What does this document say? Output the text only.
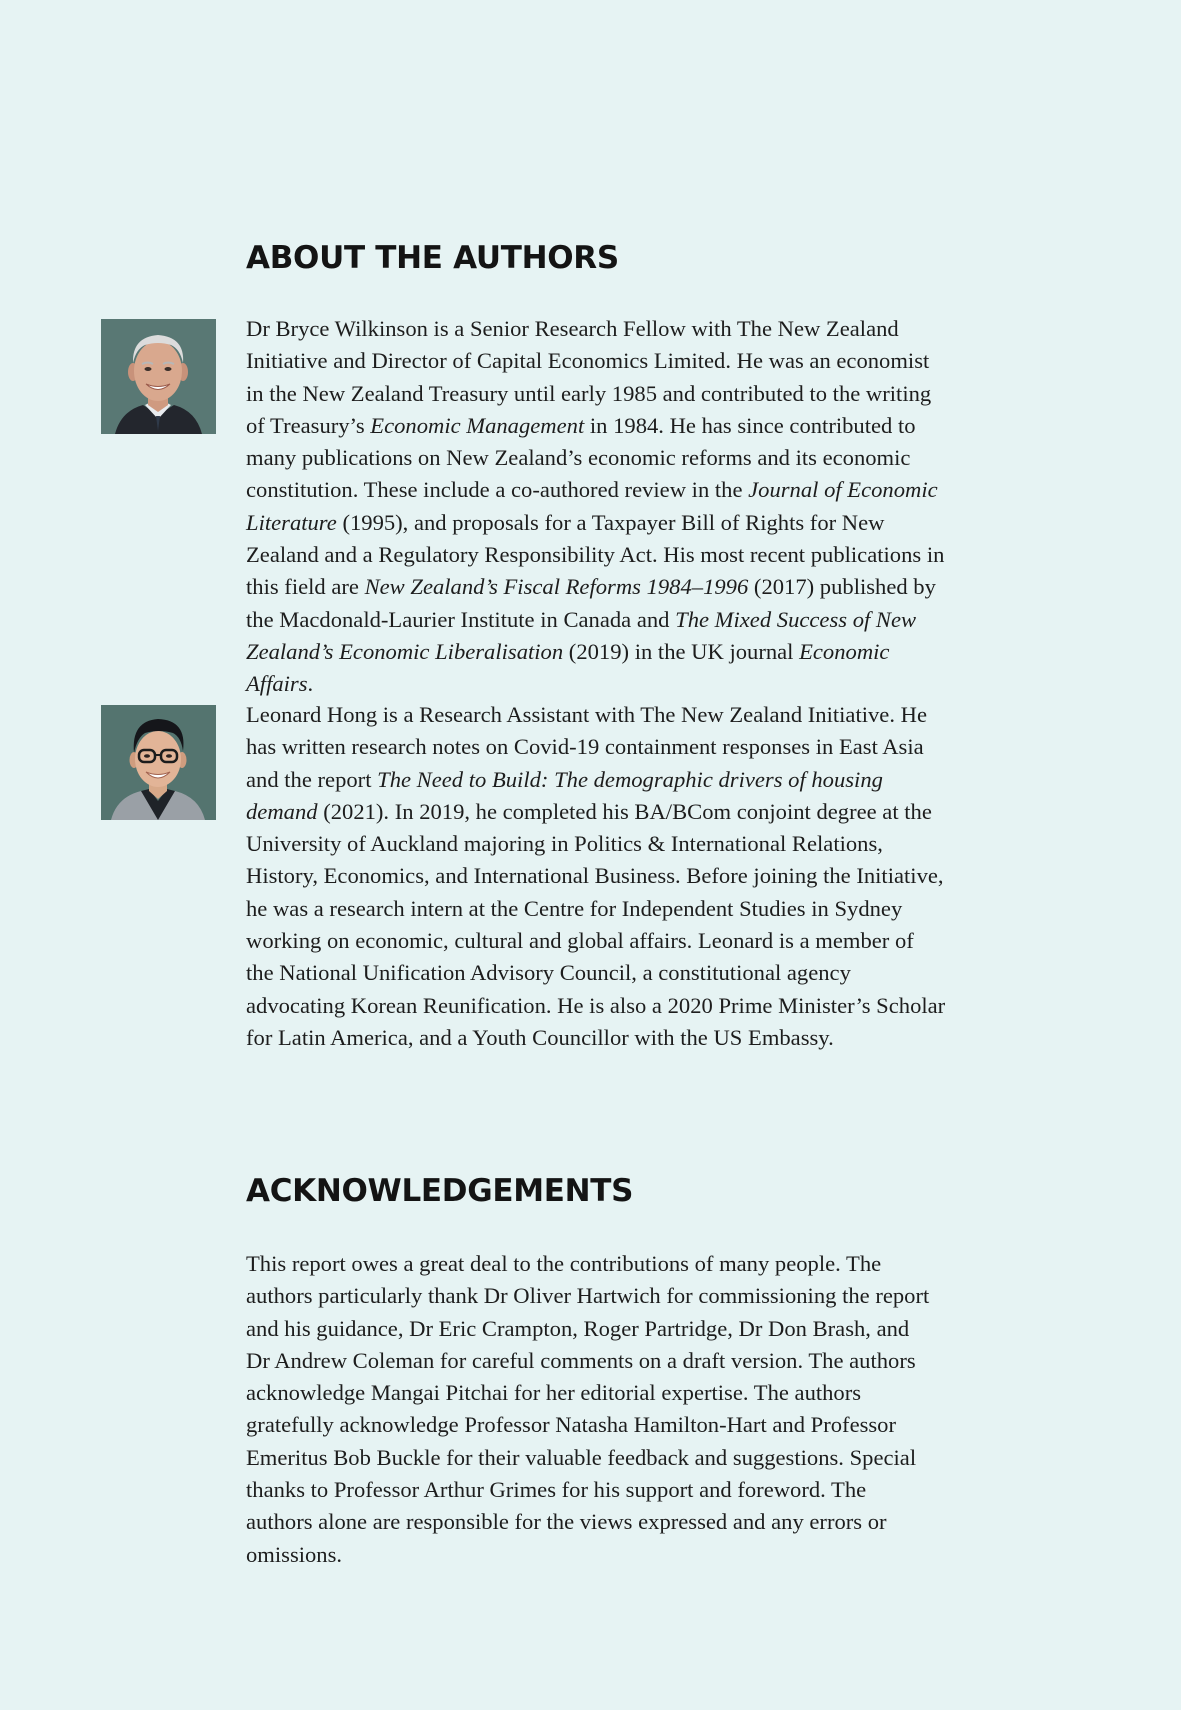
ABOUT THE AUTHORS

Dr Bryce Wilkinson is a Senior Research Fellow with The New Zealand Initiative and Director of Capital Economics Limited. He was an economist in the New Zealand Treasury until early 1985 and contributed to the writing of Treasury’s Economic Management in 1984. He has since contributed to many publications on New Zealand’s economic reforms and its economic constitution. These include a co-authored review in the Journal of Economic Literature (1995), and proposals for a Taxpayer Bill of Rights for New Zealand and a Regulatory Responsibility Act. His most recent publications in this field are New Zealand’s Fiscal Reforms 1984–1996 (2017) published by the Macdonald-Laurier Institute in Canada and The Mixed Success of New Zealand’s Economic Liberalisation (2019) in the UK journal Economic Affairs.

Leonard Hong is a Research Assistant with The New Zealand Initiative. He has written research notes on Covid-19 containment responses in East Asia and the report The Need to Build: The demographic drivers of housing demand (2021). In 2019, he completed his BA/BCom conjoint degree at the University of Auckland majoring in Politics & International Relations, History, Economics, and International Business. Before joining the Initiative, he was a research intern at the Centre for Independent Studies in Sydney working on economic, cultural and global affairs. Leonard is a member of the National Unification Advisory Council, a constitutional agency advocating Korean Reunification. He is also a 2020 Prime Minister’s Scholar for Latin America, and a Youth Councillor with the US Embassy.

ACKNOWLEDGEMENTS

This report owes a great deal to the contributions of many people. The authors particularly thank Dr Oliver Hartwich for commissioning the report and his guidance, Dr Eric Crampton, Roger Partridge, Dr Don Brash, and Dr Andrew Coleman for careful comments on a draft version. The authors acknowledge Mangai Pitchai for her editorial expertise. The authors gratefully acknowledge Professor Natasha Hamilton-Hart and Professor Emeritus Bob Buckle for their valuable feedback and suggestions. Special thanks to Professor Arthur Grimes for his support and foreword. The authors alone are responsible for the views expressed and any errors or omissions.
